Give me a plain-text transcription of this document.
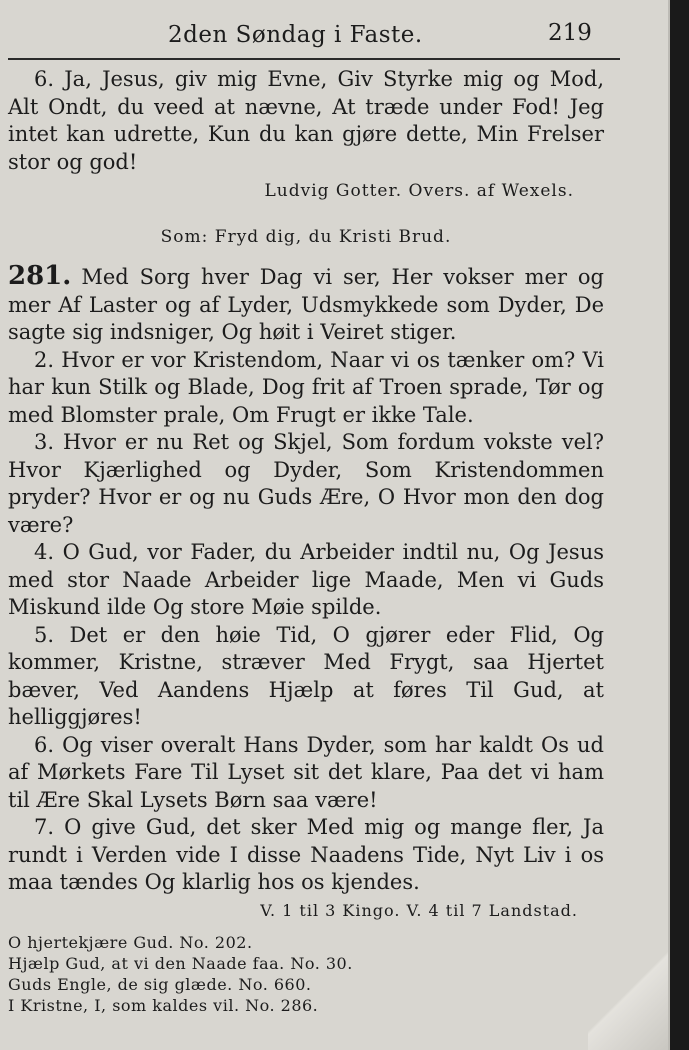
2den Søndag i Faste.	219

6. Ja, Jesus, giv mig Evne, Giv Styrke mig og Mod, Alt Ondt, du veed at nævne, At træde under Fod! Jeg intet kan udrette, Kun du kan gjøre dette, Min Frelser stor og god!

Ludvig Gotter. Overs. af Wexels.

Som: Fryd dig, du Kristi Brud.

281. Med Sorg hver Dag vi ser, Her vokser mer og mer Af Laster og af Lyder, Udsmykkede som Dyder, De sagte sig indsniger, Og høit i Veiret stiger.

2. Hvor er vor Kristendom, Naar vi os tænker om? Vi har kun Stilk og Blade, Dog frit af Troen sprade, Tør og med Blomster prale, Om Frugt er ikke Tale.

3. Hvor er nu Ret og Skjel, Som fordum vokste vel? Hvor Kjærlighed og Dyder, Som Kristendommen pryder? Hvor er og nu Guds Ære, O Hvor mon den dog være?

4. O Gud, vor Fader, du Arbeider indtil nu, Og Jesus med stor Naade Arbeider lige Maade, Men vi Guds Miskund ilde Og store Møie spilde.

5. Det er den høie Tid, O gjører eder Flid, Og kommer, Kristne, stræver Med Frygt, saa Hjertet bæver, Ved Aandens Hjælp at føres Til Gud, at helliggjøres!

6. Og viser overalt Hans Dyder, som har kaldt Os ud af Mørkets Fare Til Lyset sit det klare, Paa det vi ham til Ære Skal Lysets Børn saa være!

7. O give Gud, det sker Med mig og mange fler, Ja rundt i Verden vide I disse Naadens Tide, Nyt Liv i os maa tændes Og klarlig hos os kjendes.

V. 1 til 3 Kingo. V. 4 til 7 Landstad.

O hjertekjære Gud. No. 202.

Hjælp Gud, at vi den Naade faa. No. 30.

Guds Engle, de sig glæde. No. 660.

I Kristne, I, som kaldes vil. No. 286.
